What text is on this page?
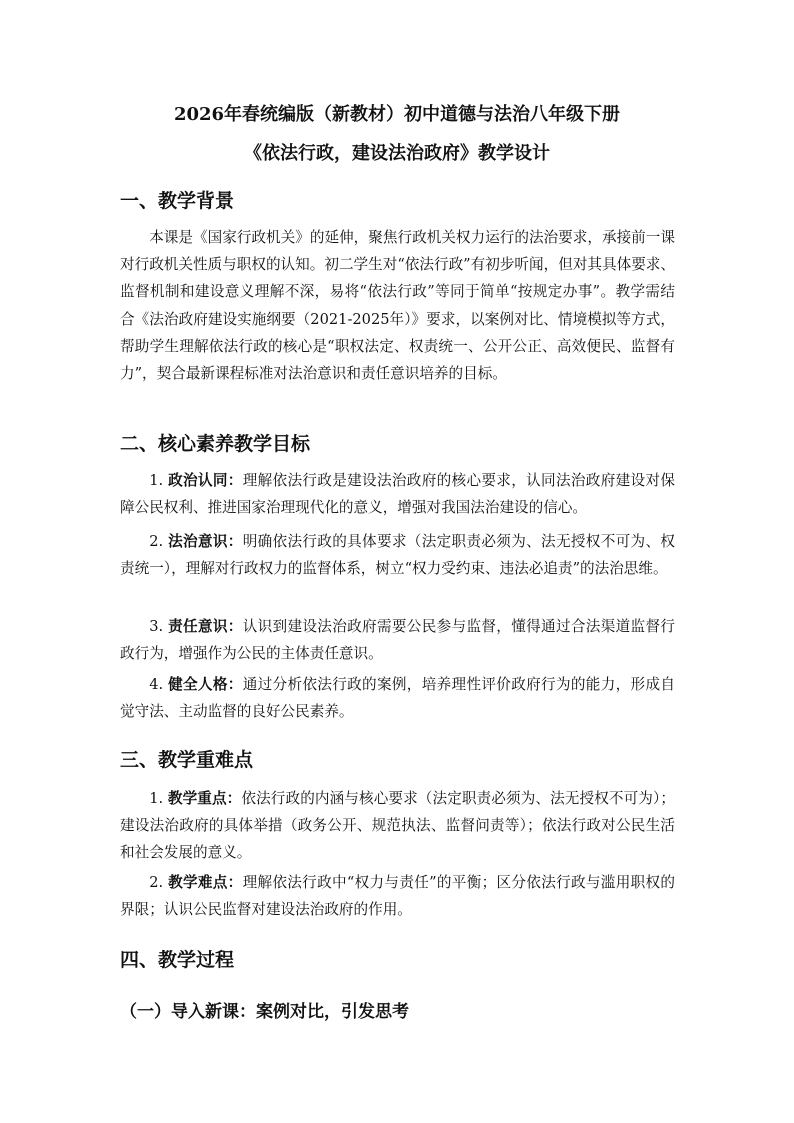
2026年春统编版（新教材）初中道德与法治八年级下册
《依法行政，建设法治政府》教学设计
一、教学背景
本课是《国家行政机关》的延伸，聚焦行政机关权力运行的法治要求，承接前一课对行政机关性质与职权的认知。初二学生对“依法行政”有初步听闻，但对其具体要求、监督机制和建设意义理解不深，易将“依法行政”等同于简单“按规定办事”。教学需结合《法治政府建设实施纲要（2021-2025年）》要求，以案例对比、情境模拟等方式，帮助学生理解依法行政的核心是“职权法定、权责统一、公开公正、高效便民、监督有力”，契合最新课程标准对法治意识和责任意识培养的目标。
二、核心素养教学目标
1. 政治认同：理解依法行政是建设法治政府的核心要求，认同法治政府建设对保障公民权利、推进国家治理现代化的意义，增强对我国法治建设的信心。
2. 法治意识：明确依法行政的具体要求（法定职责必须为、法无授权不可为、权责统一），理解对行政权力的监督体系，树立“权力受约束、违法必追责”的法治思维。
3. 责任意识：认识到建设法治政府需要公民参与监督，懂得通过合法渠道监督行政行为，增强作为公民的主体责任意识。
4. 健全人格：通过分析依法行政的案例，培养理性评价政府行为的能力，形成自觉守法、主动监督的良好公民素养。
三、教学重难点
1. 教学重点：依法行政的内涵与核心要求（法定职责必须为、法无授权不可为）；建设法治政府的具体举措（政务公开、规范执法、监督问责等）；依法行政对公民生活和社会发展的意义。
2. 教学难点：理解依法行政中“权力与责任”的平衡；区分依法行政与滥用职权的界限；认识公民监督对建设法治政府的作用。
四、教学过程
（一）导入新课：案例对比，引发思考
